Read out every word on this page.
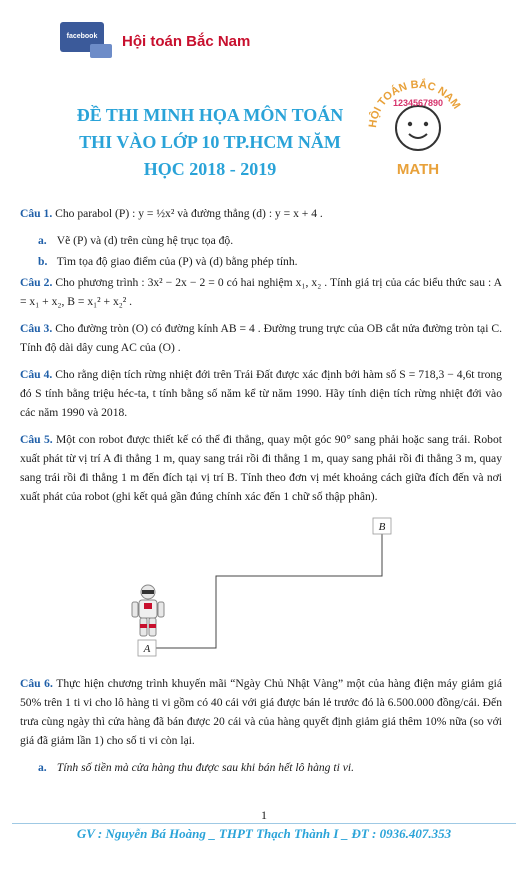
facebook	Hội toán Bắc Nam
ĐỀ THI MINH HỌA MÔN TOÁN
THI VÀO LỚP 10 TP.HCM NĂM
HỌC 2018 - 2019
HỘI TOÁN BẮC NAM
1234567890
MATH

Câu 1. Cho parabol (P) : y = ½x² và đường thẳng (d) : y = x + 4 .

a. Vẽ (P) và (d) trên cùng hệ trục tọa độ.

b. Tìm tọa độ giao điểm của (P) và (d) bằng phép tính.

Câu 2. Cho phương trình : 3x² − 2x − 2 = 0 có hai nghiệm x₁, x₂ . Tính giá trị của các biểu thức sau : A = x₁ + x₂, B = x₁² + x₂² .

Câu 3. Cho đường tròn (O) có đường kính AB = 4 . Đường trung trực của OB cắt nửa đường tròn tại C. Tính độ dài dây cung AC của (O) .

Câu 4. Cho rằng diện tích rừng nhiệt đới trên Trái Đất được xác định bởi hàm số S = 718,3 − 4,6t trong đó S tính bằng triệu héc-ta, t tính bằng số năm kể từ năm 1990. Hãy tính diện tích rừng nhiệt đới vào các năm 1990 và 2018.

Câu 5. Một con robot được thiết kế có thể đi thẳng, quay một góc 90° sang phải hoặc sang trái. Robot xuất phát từ vị trí A đi thẳng 1 m, quay sang trái rồi đi thẳng 1 m, quay sang phải rồi đi thẳng 3 m, quay sang trái rồi đi thẳng 1 m đến đích tại vị trí B. Tính theo đơn vị mét khoảng cách giữa đích đến và nơi xuất phát của robot (ghi kết quả gần đúng chính xác đến 1 chữ số thập phân).

A
B

Câu 6. Thực hiện chương trình khuyến mãi “Ngày Chủ Nhật Vàng” một của hàng điện máy giảm giá 50% trên 1 ti vi cho lô hàng ti vi gồm có 40 cái với giá được bán lẻ trước đó là 6.500.000 đồng/cái. Đến trưa cùng ngày thì cửa hàng đã bán được 20 cái và của hàng quyết định giảm giá thêm 10% nữa (so với giá đã giảm lần 1) cho số ti vi còn lại.

a. Tính số tiền mà cửa hàng thu được sau khi bán hết lô hàng ti vi.

1
GV : Nguyễn Bá Hoàng _ THPT Thạch Thành I _ ĐT : 0936.407.353
